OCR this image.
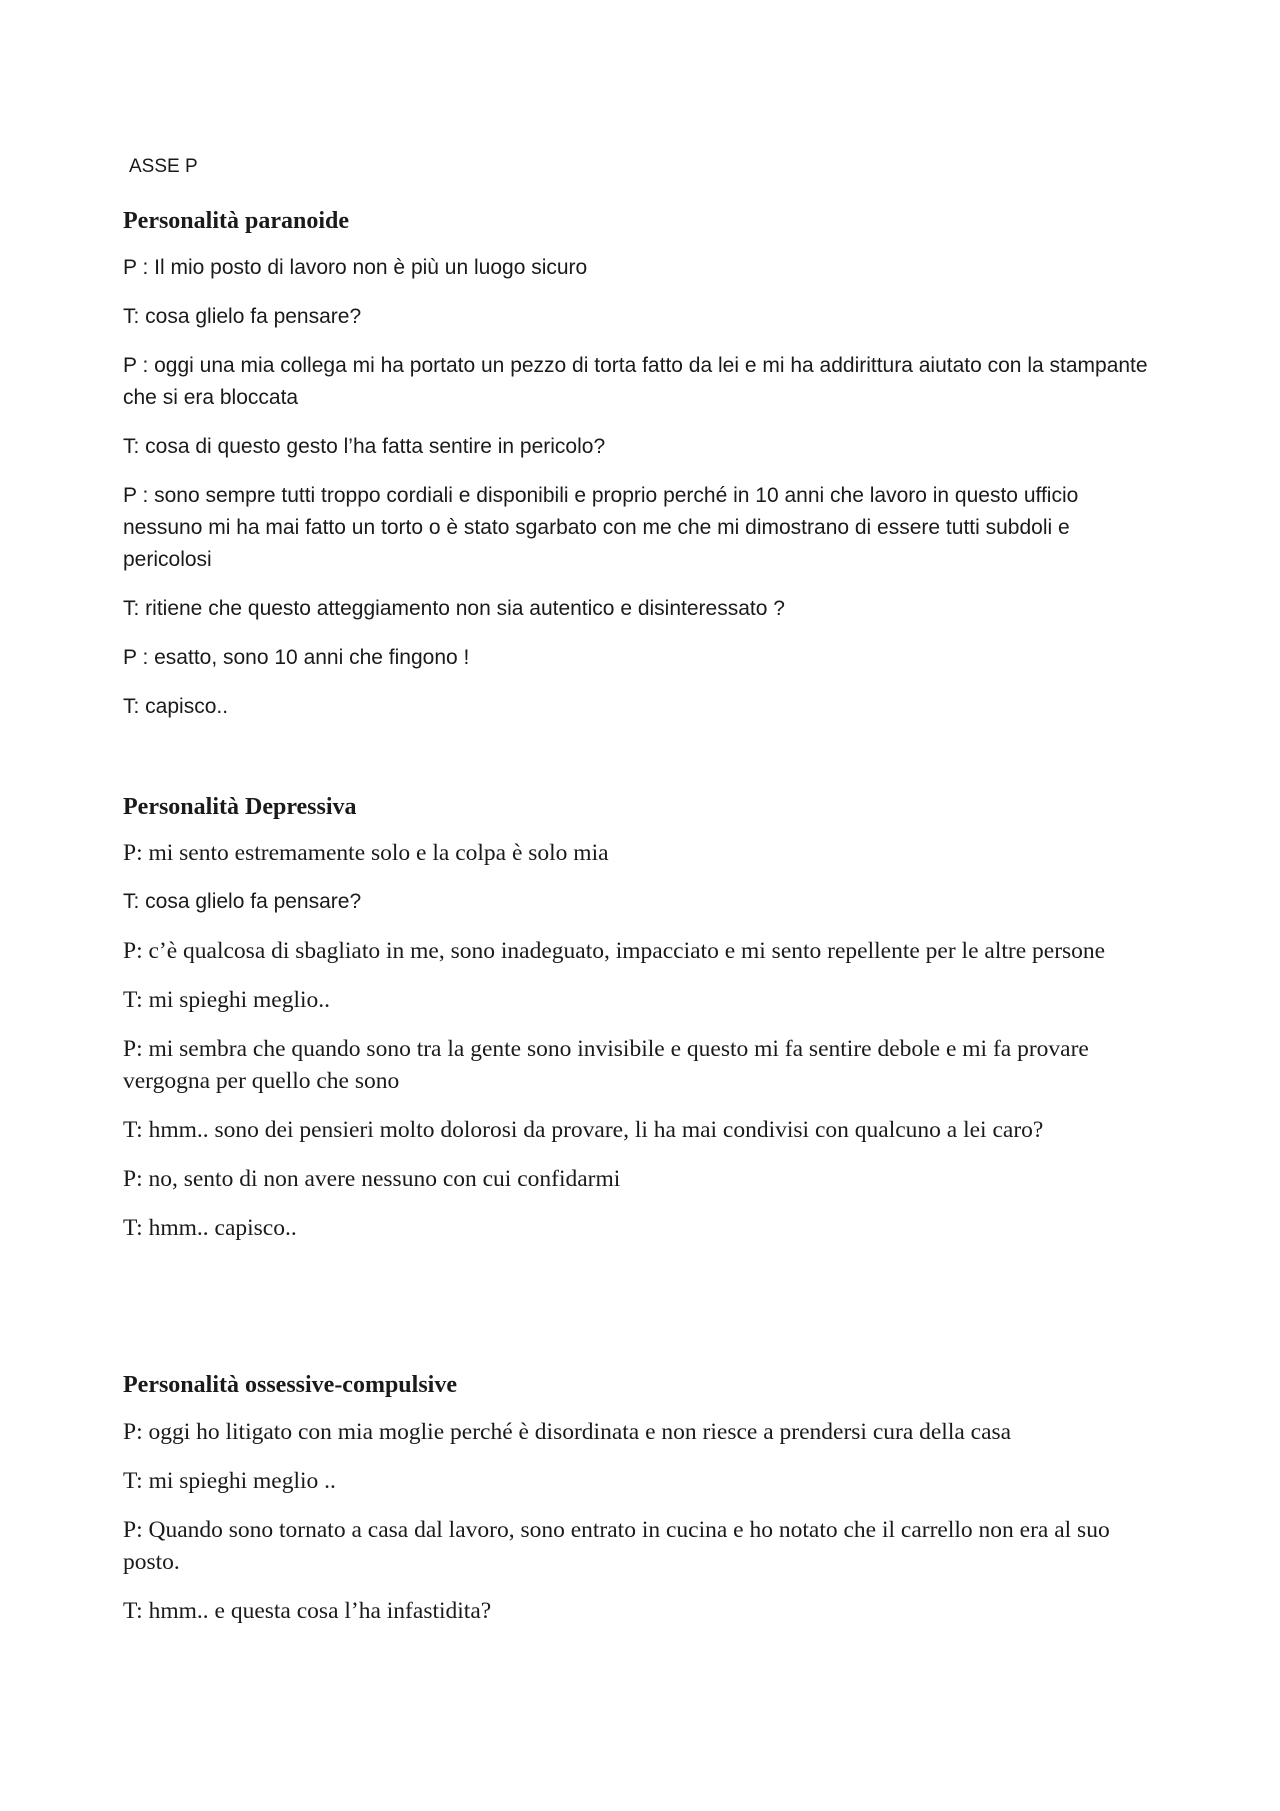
ASSE P
Personalità paranoide
P : Il mio posto di lavoro non è più un luogo sicuro
T: cosa glielo fa pensare?
P : oggi una mia collega mi ha portato un pezzo di torta fatto da lei e mi ha addirittura aiutato con la stampante che si era bloccata
T: cosa di questo gesto l’ha fatta sentire in pericolo?
P : sono sempre tutti troppo cordiali e disponibili e proprio perché in 10 anni che lavoro in questo ufficio nessuno mi ha mai fatto un torto o è stato sgarbato con me che mi dimostrano di essere tutti subdoli e pericolosi
T: ritiene che questo atteggiamento non sia autentico e disinteressato ?
P : esatto, sono 10 anni che fingono !
T: capisco..
Personalità Depressiva
P: mi sento estremamente solo e la colpa è solo mia
T: cosa glielo fa pensare?
P: c’è qualcosa di sbagliato in me, sono inadeguato, impacciato e mi sento repellente per le altre persone
T: mi spieghi meglio..
P: mi sembra che quando sono tra la gente sono invisibile e questo mi fa sentire debole e mi fa provare vergogna per quello che sono
T: hmm.. sono dei pensieri molto dolorosi da provare, li ha mai condivisi con qualcuno a lei caro?
P: no, sento di non avere nessuno con cui confidarmi
T: hmm.. capisco..
Personalità ossessive-compulsive
P: oggi ho litigato con mia moglie perché è disordinata e non riesce a prendersi cura della casa
T: mi spieghi meglio ..
P: Quando sono tornato a casa dal lavoro, sono entrato in cucina e ho notato che il carrello non era al suo posto.
T: hmm.. e questa cosa l’ha infastidita?
